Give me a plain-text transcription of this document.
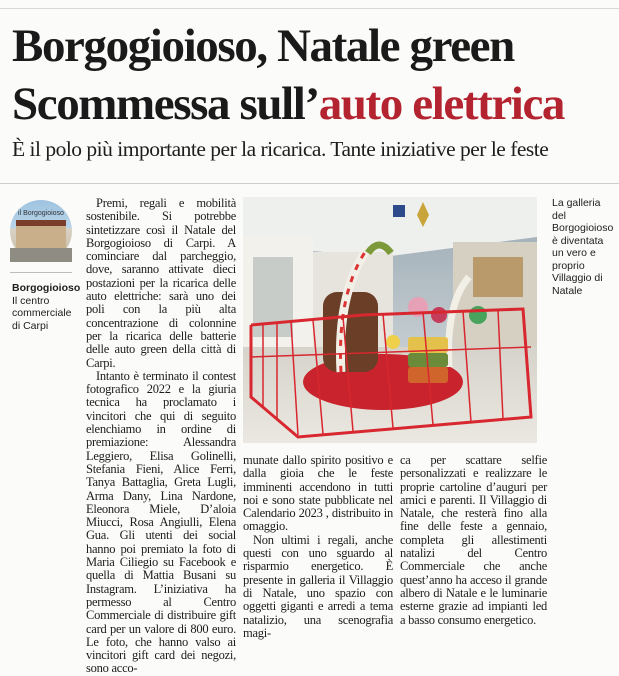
Borgogioioso, Natale green
Scommessa sull’auto elettrica
È il polo più importante per la ricarica. Tante iniziative per le feste
il Borgogioioso
Borgogioioso
Il centro commerciale di Carpi

Premi, regali e mobilità sostenibile. Si potrebbe sintetizzare così il Natale del Borgogioioso di Carpi. A cominciare dal parcheggio, dove, saranno attivate dieci postazioni per la ricarica delle auto elettriche: sarà uno dei poli con la più alta concentrazione di colonnine per la ricarica delle batterie delle auto green della città di Carpi.

Intanto è terminato il contest fotografico 2022 e la giuria tecnica ha proclamato i vincitori che qui di seguito elenchiamo in ordine di premiazione: Alessandra Leggiero, Elisa Golinelli, Stefania Fieni, Alice Ferri, Tanya Battaglia, Greta Lugli, Arma Dany, Lina Nardone, Eleonora Miele, D’aloia Miucci, Rosa Angiulli, Elena Gua. Gli utenti dei social hanno poi premiato la foto di Maria Ciliegio su Facebook e quella di Mattia Busani su Instagram. L’iniziativa ha permesso al Centro Commerciale di distribuire gift card per un valore di 800 euro. Le foto, che hanno valso ai vincitori gift card dei negozi, sono acco-

La galleria del Borgogioioso è diventata un vero e proprio Villaggio di Natale

munate dallo spirito positivo e dalla gioia che le feste imminenti accendono in tutti noi e sono state pubblicate nel Calendario 2023 , distribuito in omaggio.

Non ultimi i regali, anche questi con uno sguardo al risparmio energetico. È presente in galleria il Villaggio di Natale, uno spazio con oggetti giganti e arredi a tema natalizio, una scenografia magi-

ca per scattare selfie personalizzati e realizzare le proprie cartoline d’auguri per amici e parenti. Il Villaggio di Natale, che resterà fino alla fine delle feste a gennaio, completa gli allestimenti natalizi del Centro Commerciale che anche quest’anno ha acceso il grande albero di Natale e le luminarie esterne grazie ad impianti led a basso consumo energetico.
